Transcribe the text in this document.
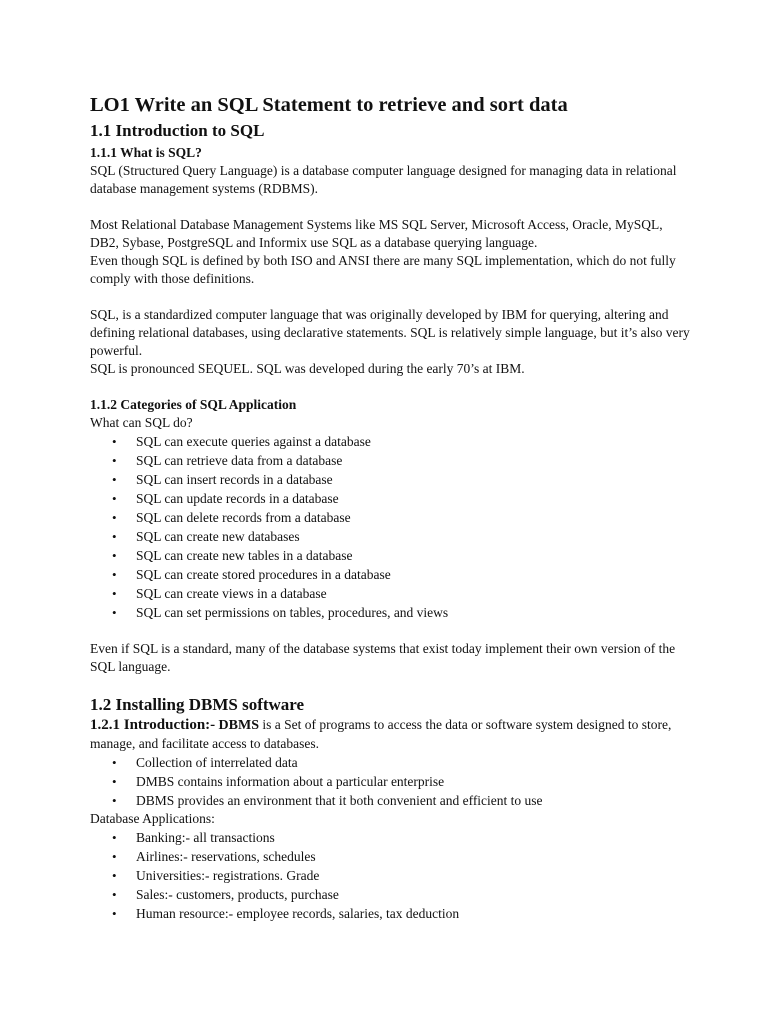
LO1 Write an SQL Statement to retrieve and sort data
1.1 Introduction to SQL
1.1.1 What is SQL?

SQL (Structured Query Language) is a database computer language designed for managing data in relational database management systems (RDBMS).

Most Relational Database Management Systems like MS SQL Server, Microsoft Access, Oracle, MySQL, DB2, Sybase, PostgreSQL and Informix use SQL as a database querying language.

Even though SQL is defined by both ISO and ANSI there are many SQL implementation, which do not fully comply with those definitions.

SQL, is a standardized computer language that was originally developed by IBM for querying, altering and defining relational databases, using declarative statements. SQL is relatively simple language, but it’s also very powerful.

SQL is pronounced SEQUEL. SQL was developed during the early 70’s at IBM.

1.1.2 Categories of SQL Application

What can SQL do?

• SQL can execute queries against a database
• SQL can retrieve data from a database
• SQL can insert records in a database
• SQL can update records in a database
• SQL can delete records from a database
• SQL can create new databases
• SQL can create new tables in a database
• SQL can create stored procedures in a database
• SQL can create views in a database
• SQL can set permissions on tables, procedures, and views

Even if SQL is a standard, many of the database systems that exist today implement their own version of the SQL language.

1.2 Installing DBMS software

1.2.1 Introduction:- DBMS is a Set of programs to access the data or software system designed to store, manage, and facilitate access to databases.

• Collection of interrelated data
• DMBS contains information about a particular enterprise
• DBMS provides an environment that it both convenient and efficient to use

Database Applications:

• Banking:- all transactions
• Airlines:- reservations, schedules
• Universities:- registrations. Grade
• Sales:- customers, products, purchase
• Human resource:- employee records, salaries, tax deduction
